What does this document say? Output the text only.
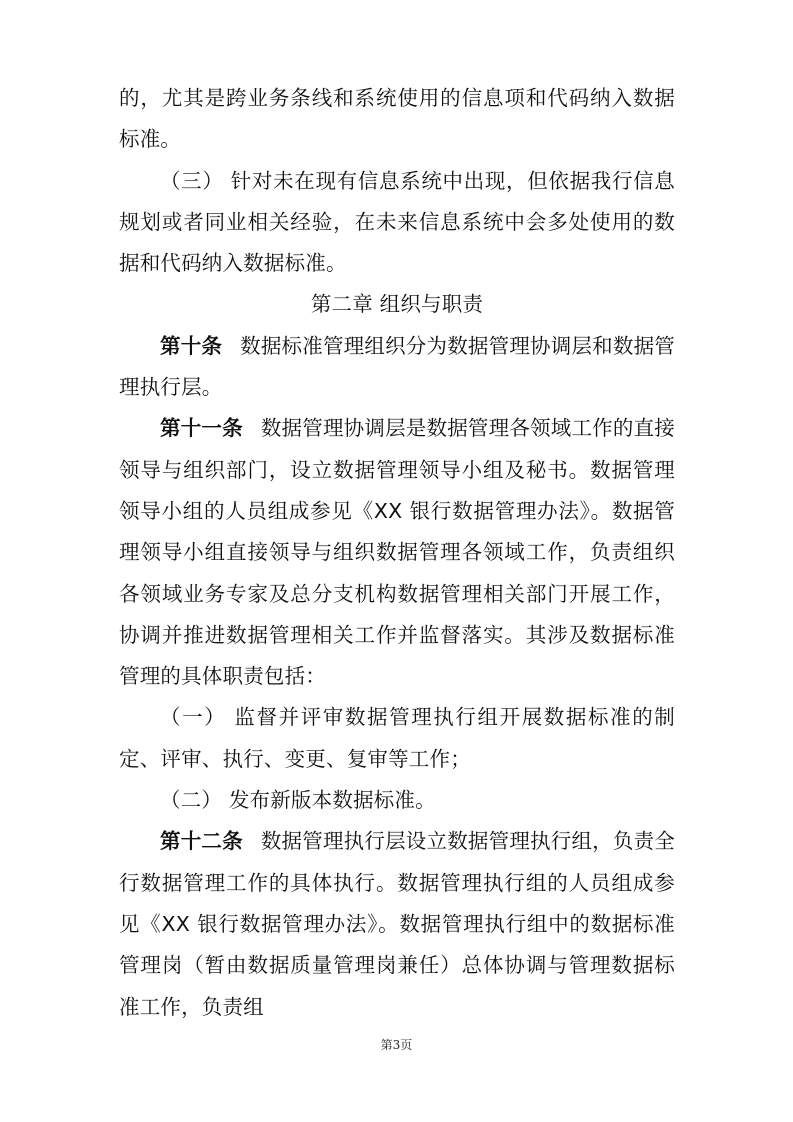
的，尤其是跨业务条线和系统使用的信息项和代码纳入数据标准。

（三） 针对未在现有信息系统中出现，但依据我行信息规划或者同业相关经验，在未来信息系统中会多处使用的数据和代码纳入数据标准。

第二章 组织与职责

第十条 数据标准管理组织分为数据管理协调层和数据管理执行层。

第十一条 数据管理协调层是数据管理各领域工作的直接领导与组织部门，设立数据管理领导小组及秘书。数据管理领导小组的人员组成参见《XX 银行数据管理办法》。数据管理领导小组直接领导与组织数据管理各领域工作，负责组织各领域业务专家及总分支机构数据管理相关部门开展工作，协调并推进数据管理相关工作并监督落实。其涉及数据标准管理的具体职责包括：

（一） 监督并评审数据管理执行组开展数据标准的制定、评审、执行、变更、复审等工作；

（二） 发布新版本数据标准。

第十二条 数据管理执行层设立数据管理执行组，负责全行数据管理工作的具体执行。数据管理执行组的人员组成参见《XX 银行数据管理办法》。数据管理执行组中的数据标准管理岗（暂由数据质量管理岗兼任）总体协调与管理数据标准工作，负责组

第3页
